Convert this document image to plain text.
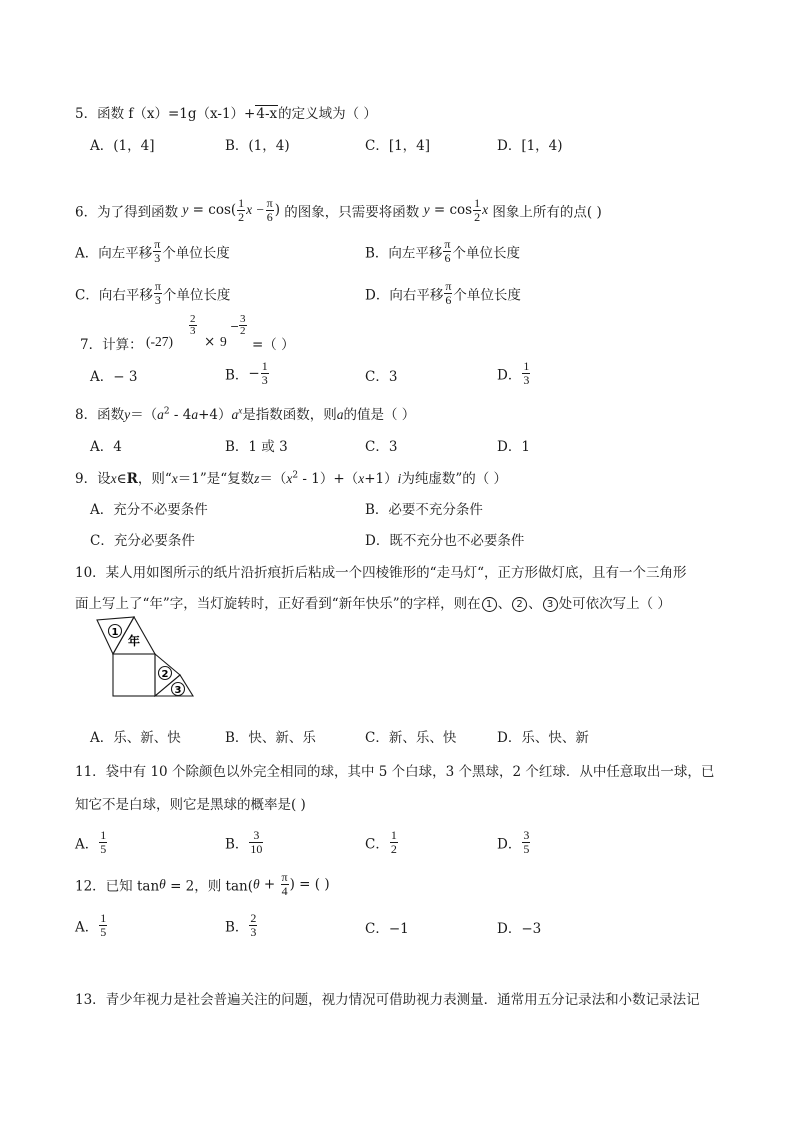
5．函数 f（x）=1g（x-1）+4-x的定义域为（ ）
A．(1，4]	B．(1，4)	C．[1，4]	D．[1，4)
6．为了得到函数 $y = \cos( \frac{1}{2}$ $x - \frac{\pi}{6}$ ) 的图象，只需要将函数 $y = \cos \frac{1}{2}$ x 图象上所有的点( )
A．向左平移 $\frac{\pi}{3}$ 个单位长度	B．向左平移 $\frac{\pi}{6}$ 个单位长度
C．向右平移 $\frac{\pi}{3}$ 个单位长度	D．向右平移 $\frac{\pi}{6}$ 个单位长度
7．计算： (-27)
$\frac{2}{3}$
× 9
− $\frac{3}{2}$
=（ ）
A．− 3	B．− $\frac{1}{3}$	C．3	D． $\frac{1}{3}$
8．函数$y=(a^2 - 4a+4)a^x$是指数函数，则a的值是（ ）
A．4	B．1 或 3	C．3	D．1
9．设x∈R，则“x＝1”是“复数$z=(x^2 - 1)+(x+1)i$为纯虚数”的（ ）
A．充分不必要条件	B．必要不充分条件
C．充分必要条件	D．既不充分也不必要条件
10．某人用如图所示的纸片沿折痕折后粘成一个四棱锥形的“走马灯“，正方形做灯底，且有一个三角形
面上写上了“年”字，当灯旋转时，正好看到“新年快乐”的字样，则在 1 、 2 、 3 处可依次写上（ ）
年
1
2
3
A．乐、新、快	B．快、新、乐	C．新、乐、快	D．乐、快、新
11．袋中有 10 个除颜色以外完全相同的球，其中 5 个白球，3 个黑球，2 个红球．从中任意取出一球，已
知它不是白球，则它是黑球的概率是( )
A． $\frac{1}{5}$	B． $\frac{3}{10}$	C． $\frac{1}{2}$	D． $\frac{3}{5}$
12．已知 tanθ = 2，则 $\tan(\theta + \frac{\pi}{4}$ ) = ( )
A． $\frac{1}{5}$	B． $\frac{2}{3}$	C．−1	D．−3
13．青少年视力是社会普遍关注的问题，视力情况可借助视力表测量．通常用五分记录法和小数记录法记
